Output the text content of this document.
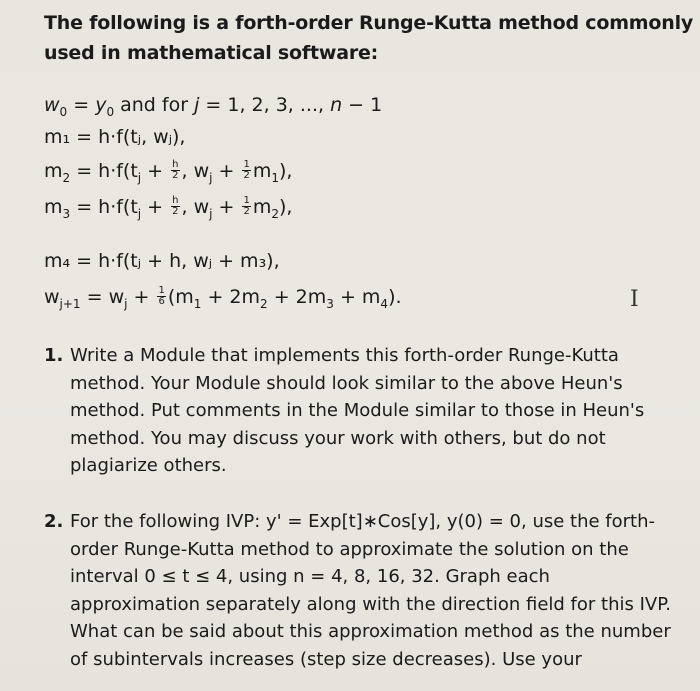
The following is a forth-order Runge-Kutta method commonly used in mathematical software:
$w_0 = y_0$ and for j = 1, 2, 3, ..., n − 1
m₁ = h·f(tⱼ, wⱼ),
$m_2 = h\cdot f(t_j + \frac{h}{2}$ , $w_j + \frac{1}{2} m_1$),
$m_3 = h\cdot f(t_j + \frac{h}{2}$ , $w_j + \frac{1}{2} m_2$),
m₄ = h·f(tⱼ + h, wⱼ + m₃),
$w_{j+1} = w_j + \frac{1}{6} (m_1 + 2m_2 + 2m_3 + m_4)$.	I
1. Write a Module that implements this forth-order Runge-Kutta method. Your Module should look similar to the above Heun's method. Put comments in the Module similar to those in Heun's method. You may discuss your work with others, but do not plagiarize others.
2. For the following IVP: y' = Exp[t]∗Cos[y], y(0) = 0, use the forth-order Runge-Kutta method to approximate the solution on the interval 0 ≤ t ≤ 4, using n = 4, 8, 16, 32. Graph each approximation separately along with the direction field for this IVP. What can be said about this approximation method as the number of subintervals increases (step size decreases). Use your
